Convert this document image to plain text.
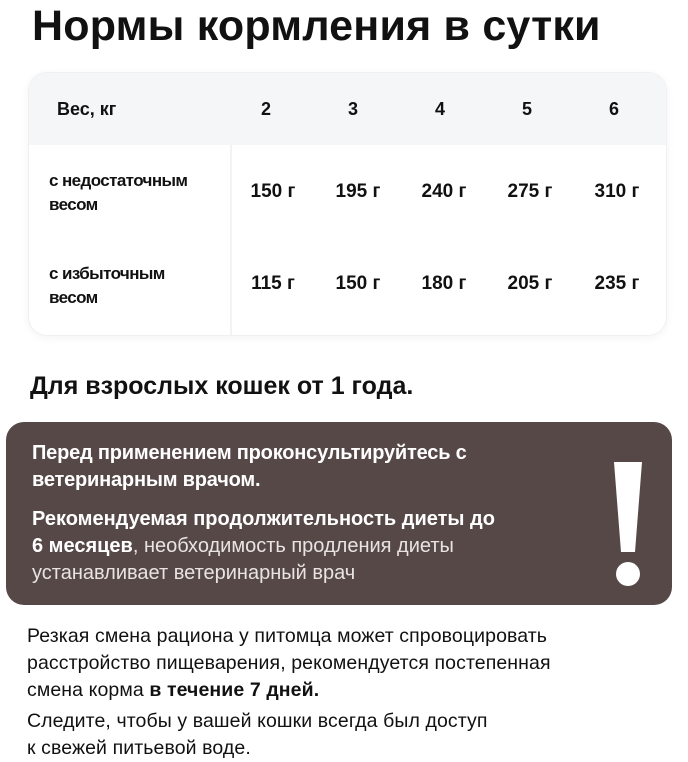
Нормы кормления в сутки
Вес, кг	2	3	4	5	6
с недостаточным
весом
150 г	195 г	240 г	275 г	310 г
с избыточным
весом
115 г	150 г	180 г	205 г	235 г
Для взрослых кошек от 1 года.
Перед применением проконсультируйтесь с
ветеринарным врачом.
Рекомендуемая продолжительность диеты до
6 месяцев, необходимость продления диеты
устанавливает ветеринарный врач
Резкая смена рациона у питомца может спровоцировать
расстройство пищеварения, рекомендуется постепенная
смена корма в течение 7 дней.
Следите, чтобы у вашей кошки всегда был доступ
к свежей питьевой воде.
